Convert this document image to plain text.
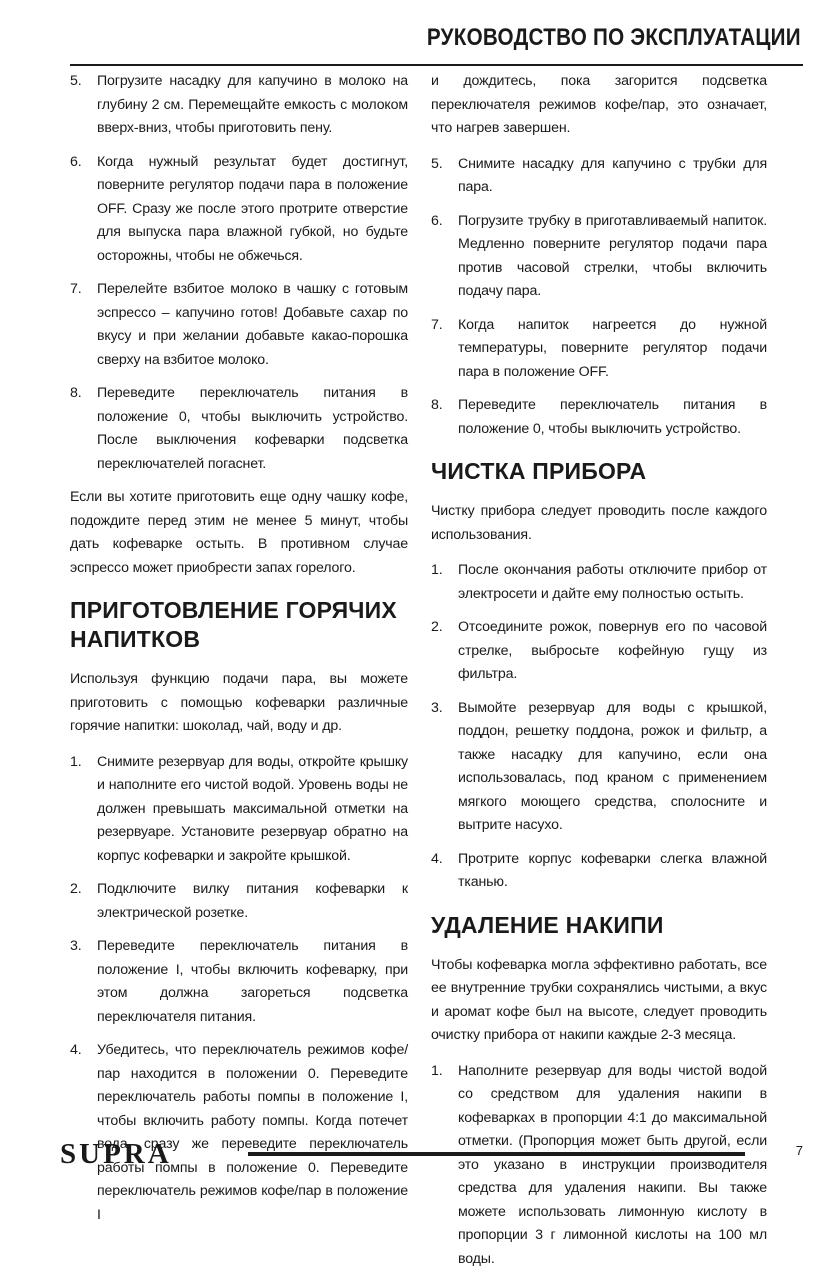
РУКОВОДСТВО ПО ЭКСПЛУАТАЦИИ
5. Погрузите насадку для капучино в молоко на глубину 2 см. Перемещайте емкость с молоком вверх-вниз, чтобы приготовить пену.
6. Когда нужный результат будет достигнут, поверните регулятор подачи пара в положение OFF. Сразу же после этого протрите отверстие для выпуска пара влажной губкой, но будьте осторожны, чтобы не обжечься.
7. Перелейте взбитое молоко в чашку с готовым эспрессо – капучино готов! Добавьте сахар по вкусу и при желании добавьте какао-порошка сверху на взбитое молоко.
8. Переведите переключатель питания в положение 0, чтобы выключить устройство. После выключения кофеварки подсветка переключателей погаснет.

Если вы хотите приготовить еще одну чашку кофе, подождите перед этим не менее 5 минут, чтобы дать кофеварке остыть. В противном случае эспрессо может приобрести запах горелого.

ПРИГОТОВЛЕНИЕ ГОРЯЧИХ НАПИТКОВ

Используя функцию подачи пара, вы можете приготовить с помощью кофеварки различные горячие напитки: шоколад, чай, воду и др.

1. Снимите резервуар для воды, откройте крышку и наполните его чистой водой. Уровень воды не должен превышать максимальной отметки на резервуаре. Установите резервуар обратно на корпус кофеварки и закройте крышкой.
2. Подключите вилку питания кофеварки к электрической розетке.
3. Переведите переключатель питания в положение I, чтобы включить кофеварку, при этом должна загореться подсветка переключателя питания.
4. Убедитесь, что переключатель режимов кофе/пар находится в положении 0. Переведите переключатель работы помпы в положение I, чтобы включить работу помпы. Когда потечет вода, сразу же переведите переключатель работы помпы в положение 0. Переведите переключатель режимов кофе/пар в положение I

и дождитесь, пока загорится подсветка переключателя режимов кофе/пар, это означает, что нагрев завершен.

5. Снимите насадку для капучино с трубки для пара.
6. Погрузите трубку в приготавливаемый напиток. Медленно поверните регулятор подачи пара против часовой стрелки, чтобы включить подачу пара.
7. Когда напиток нагреется до нужной температуры, поверните регулятор подачи пара в положение OFF.
8. Переведите переключатель питания в положение 0, чтобы выключить устройство.
ЧИСТКА ПРИБОРА

Чистку прибора следует проводить после каждого использования.

1. После окончания работы отключите прибор от электросети и дайте ему полностью остыть.
2. Отсоедините рожок, повернув его по часовой стрелке, выбросьте кофейную гущу из фильтра.
3. Вымойте резервуар для воды с крышкой, поддон, решетку поддона, рожок и фильтр, а также насадку для капучино, если она использовалась, под краном с применением мягкого моющего средства, сполосните и вытрите насухо.
4. Протрите корпус кофеварки слегка влажной тканью.
УДАЛЕНИЕ НАКИПИ

Чтобы кофеварка могла эффективно работать, все ее внутренние трубки сохранялись чистыми, а вкус и аромат кофе был на высоте, следует проводить очистку прибора от накипи каждые 2-3 месяца.

1. Наполните резервуар для воды чистой водой со средством для удаления накипи в кофеварках в пропорции 4:1 до максимальной отметки. (Пропорция может быть другой, если это указано в инструкции производителя средства для удаления накипи. Вы также можете использовать лимонную кислоту в пропорции 3 г лимонной кислоты на 100 мл воды.
SUPRA	7
